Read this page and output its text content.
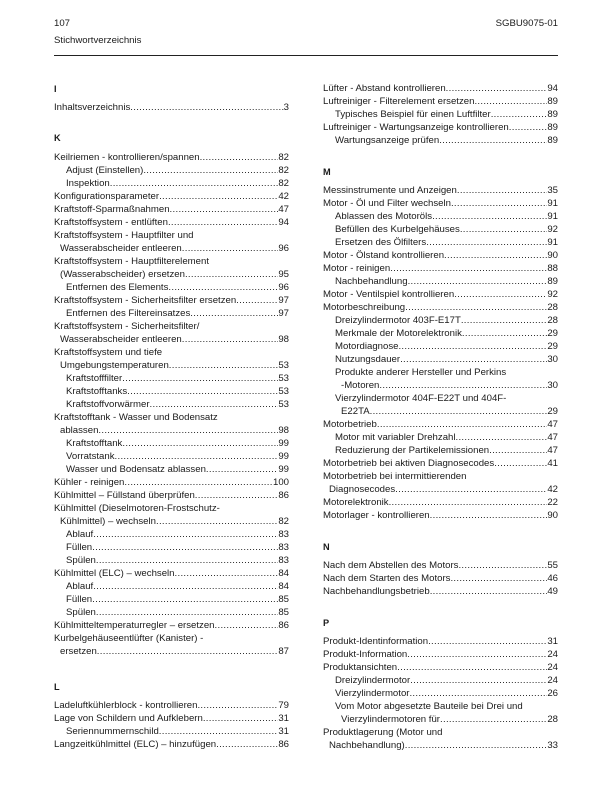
107	SGBU9075-01
Stichwortverzeichnis
I
Inhaltsverzeichnis .....	3
K
Keilriemen - kontrollieren/spannen .....	82
Adjust (Einstellen) .....	82
Inspektion .....	82
Konfigurationsparameter .....	42
Kraftstoff-Sparmaßnahmen .....	47
Kraftstoffsystem - entlüften .....	94
Kraftstoffsystem - Hauptfilter und
Wasserabscheider entleeren .....	96
Kraftstoffsystem - Hauptfilterelement
(Wasserabscheider) ersetzen .....	95
Entfernen des Elements .....	96
Kraftstoffsystem - Sicherheitsfilter ersetzen .....	97
Entfernen des Filtereinsatzes .....	97
Kraftstoffsystem - Sicherheitsfilter/
Wasserabscheider entleeren .....	98
Kraftstoffsystem und tiefe
Umgebungstemperaturen .....	53
Kraftstofffilter .....	53
Kraftstofftanks .....	53
Kraftstoffvorwärmer .....	53
Kraftstofftank - Wasser und Bodensatz
ablassen .....	98
Kraftstofftank .....	99
Vorratstank .....	99
Wasser und Bodensatz ablassen .....	99
Kühler - reinigen .....	100
Kühlmittel – Füllstand überprüfen .....	86
Kühlmittel (Dieselmotoren-Frostschutz-
Kühlmittel) – wechseln .....	82
Ablauf .....	83
Füllen .....	83
Spülen .....	83
Kühlmittel (ELC) – wechseln .....	84
Ablauf .....	84
Füllen .....	85
Spülen .....	85
Kühlmitteltemperaturregler – ersetzen .....	86
Kurbelgehäuseentlüfter (Kanister) -
ersetzen .....	87
L
Ladeluftkühlerblock - kontrollieren .....	79
Lage von Schildern und Aufklebern .....	31
Seriennummernschild .....	31
Langzeitkühlmittel (ELC) – hinzufügen .....	86
Lüfter - Abstand kontrollieren .....	94
Luftreiniger - Filterelement ersetzen .....	89
Typisches Beispiel für einen Luftfilter .....	89
Luftreiniger - Wartungsanzeige kontrollieren .....	89
Wartungsanzeige prüfen .....	89
M
Messinstrumente und Anzeigen .....	35
Motor - Öl und Filter wechseln .....	91
Ablassen des Motoröls .....	91
Befüllen des Kurbelgehäuses .....	92
Ersetzen des Ölfilters .....	91
Motor - Ölstand kontrollieren .....	90
Motor - reinigen .....	88
Nachbehandlung .....	89
Motor - Ventilspiel kontrollieren .....	92
Motorbeschreibung .....	28
Dreizylindermotor 403F-E17T .....	28
Merkmale der Motorelektronik .....	29
Motordiagnose .....	29
Nutzungsdauer .....	30
Produkte anderer Hersteller und Perkins
-Motoren .....	30
Vierzylindermotor 404F-E22T und 404F-
E22TA .....	29
Motorbetrieb .....	47
Motor mit variabler Drehzahl .....	47
Reduzierung der Partikelemissionen .....	47
Motorbetrieb bei aktiven Diagnosecodes .....	41
Motorbetrieb bei intermittierenden
Diagnosecodes .....	42
Motorelektronik .....	22
Motorlager - kontrollieren .....	90
N
Nach dem Abstellen des Motors .....	55
Nach dem Starten des Motors .....	46
Nachbehandlungsbetrieb .....	49
P
Produkt-Identinformation .....	31
Produkt-Information .....	24
Produktansichten .....	24
Dreizylindermotor .....	24
Vierzylindermotor .....	26
Vom Motor abgesetzte Bauteile bei Drei und
Vierzylindermotoren für .....	28
Produktlagerung (Motor und
Nachbehandlung) .....	33
